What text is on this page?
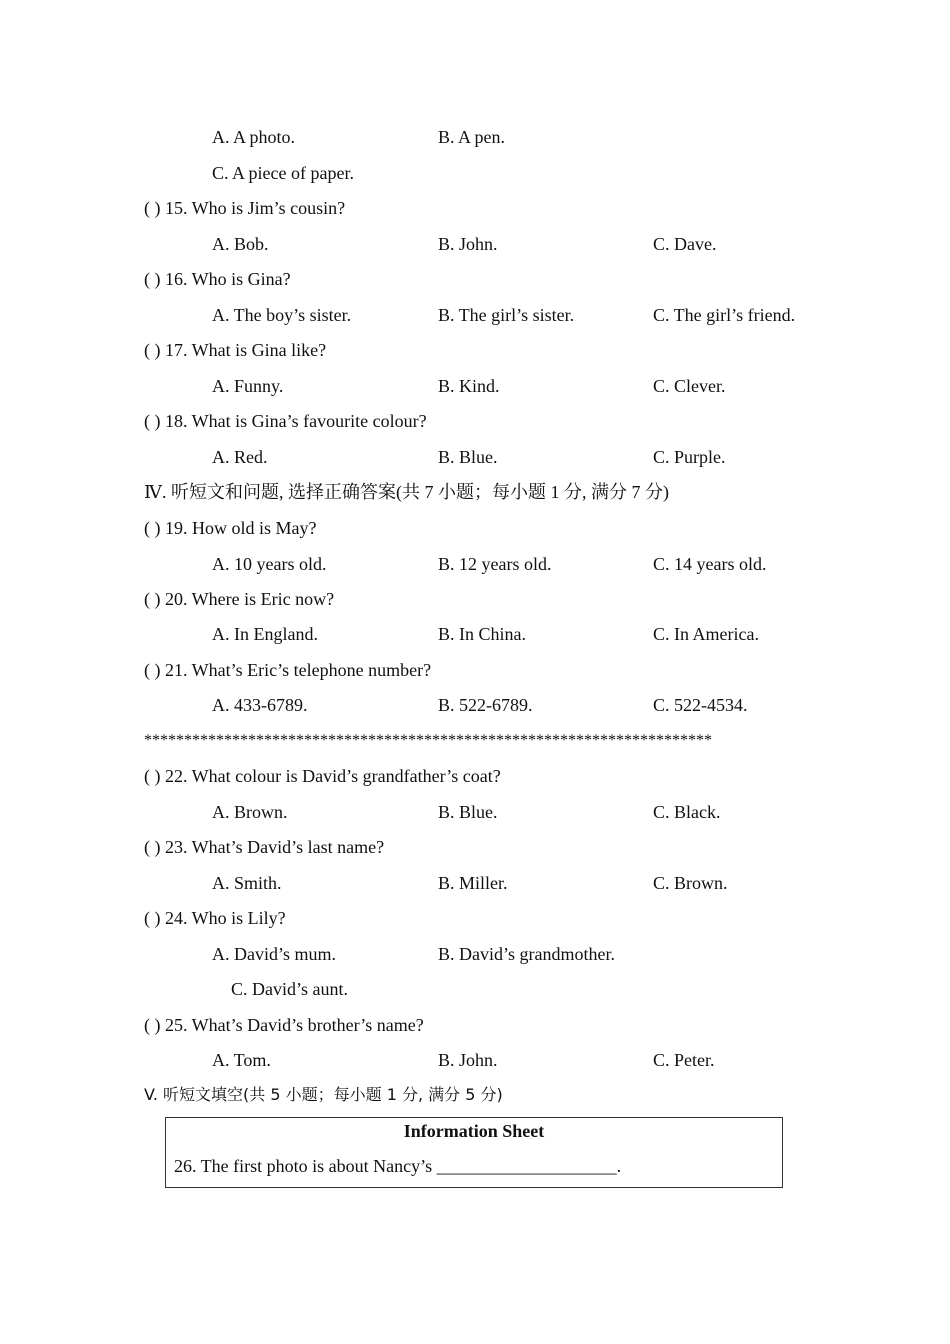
A. A photo.	B. A pen.
C. A piece of paper.
( ) 15. Who is Jim’s cousin?
A. Bob.	B. John.	C. Dave.
( ) 16. Who is Gina?
A. The boy’s sister.	B. The girl’s sister.	C. The girl’s friend.
( ) 17. What is Gina like?
A. Funny.	B. Kind.	C. Clever.
( ) 18. What is Gina’s favourite colour?
A. Red.	B. Blue.	C. Purple.
Ⅳ. 听短文和问题, 选择正确答案(共 7 小题；每小题 1 分, 满分 7 分)
( ) 19. How old is May?
A. 10 years old.	B. 12 years old.	C. 14 years old.
( ) 20. Where is Eric now?
A. In England.	B. In China.	C. In America.
( ) 21. What’s Eric’s telephone number?
A. 433-6789.	B. 522-6789.	C. 522-4534.
***********************************************************************
( ) 22. What colour is David’s grandfather’s coat?
A. Brown.	B. Blue.	C. Black.
( ) 23. What’s David’s last name?
A. Smith.	B. Miller.	C. Brown.
( ) 24. Who is Lily?
A. David’s mum.	B. David’s grandmother.
C. David’s aunt.
( ) 25. What’s David’s brother’s name?
A. Tom.	B. John.	C. Peter.
V. 听短文填空(共 5 小题；每小题 1 分, 满分 5 分)
Information Sheet
26. The first photo is about Nancy’s ____________________.
